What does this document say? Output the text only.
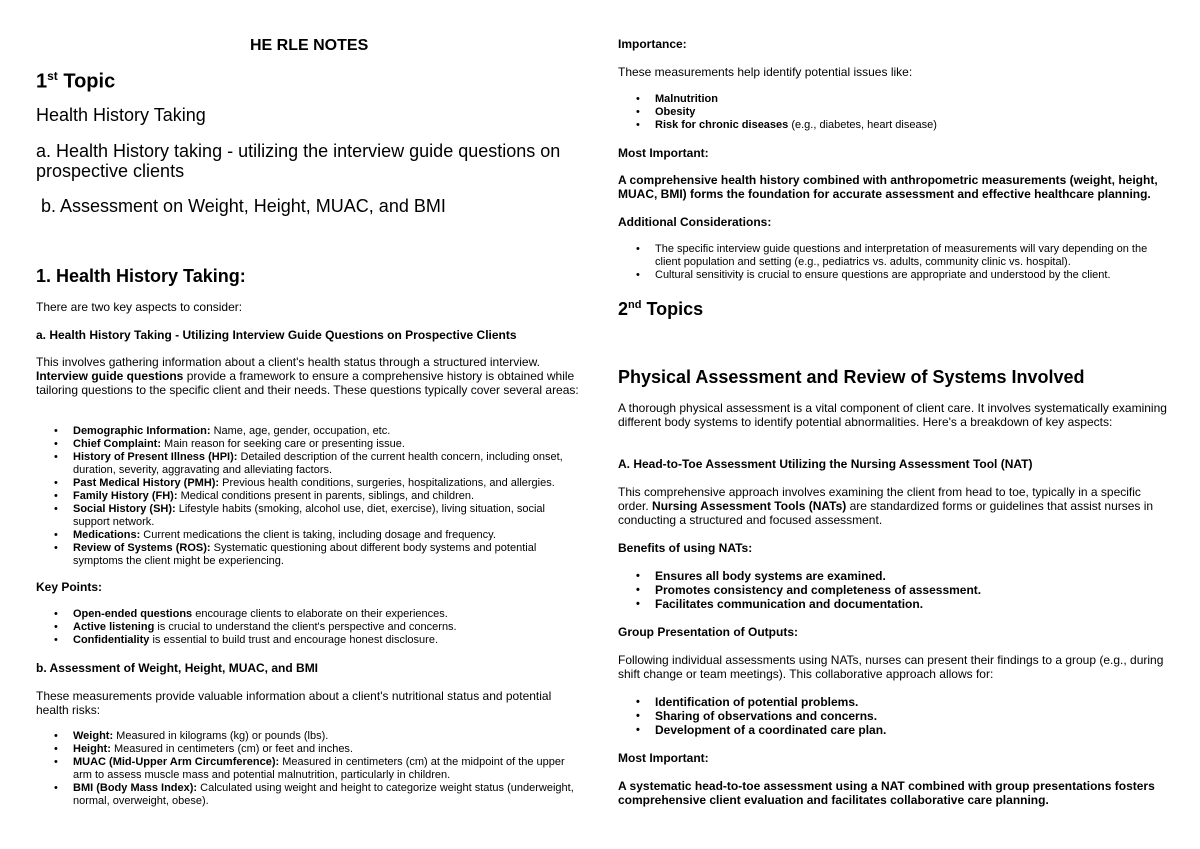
HE RLE NOTES

1st Topic

Health History Taking

a. Health History taking - utilizing the interview guide questions on prospective clients

b. Assessment on Weight, Height, MUAC, and BMI

1. Health History Taking:

There are two key aspects to consider:

a. Health History Taking - Utilizing Interview Guide Questions on Prospective Clients

This involves gathering information about a client's health status through a structured interview.
Interview guide questions provide a framework to ensure a comprehensive history is obtained while tailoring questions to the specific client and their needs. These questions typically cover several areas:

• Demographic Information: Name, age, gender, occupation, etc.
• Chief Complaint: Main reason for seeking care or presenting issue.
• History of Present Illness (HPI): Detailed description of the current health concern, including onset, duration, severity, aggravating and alleviating factors.
• Past Medical History (PMH): Previous health conditions, surgeries, hospitalizations, and allergies.
• Family History (FH): Medical conditions present in parents, siblings, and children.
• Social History (SH): Lifestyle habits (smoking, alcohol use, diet, exercise), living situation, social support network.
• Medications: Current medications the client is taking, including dosage and frequency.
• Review of Systems (ROS): Systematic questioning about different body systems and potential symptoms the client might be experiencing.

Key Points:

• Open-ended questions encourage clients to elaborate on their experiences.
• Active listening is crucial to understand the client's perspective and concerns.
• Confidentiality is essential to build trust and encourage honest disclosure.

b. Assessment of Weight, Height, MUAC, and BMI

These measurements provide valuable information about a client's nutritional status and potential health risks:

• Weight: Measured in kilograms (kg) or pounds (lbs).
• Height: Measured in centimeters (cm) or feet and inches.
• MUAC (Mid-Upper Arm Circumference): Measured in centimeters (cm) at the midpoint of the upper arm to assess muscle mass and potential malnutrition, particularly in children.
• BMI (Body Mass Index): Calculated using weight and height to categorize weight status (underweight, normal, overweight, obese).

Importance:

These measurements help identify potential issues like:

• Malnutrition
• Obesity
• Risk for chronic diseases (e.g., diabetes, heart disease)

Most Important:

A comprehensive health history combined with anthropometric measurements (weight, height, MUAC, BMI) forms the foundation for accurate assessment and effective healthcare planning.

Additional Considerations:

• The specific interview guide questions and interpretation of measurements will vary depending on the client population and setting (e.g., pediatrics vs. adults, community clinic vs. hospital).
• Cultural sensitivity is crucial to ensure questions are appropriate and understood by the client.

2nd Topics

Physical Assessment and Review of Systems Involved

A thorough physical assessment is a vital component of client care. It involves systematically examining different body systems to identify potential abnormalities. Here's a breakdown of key aspects:

A. Head-to-Toe Assessment Utilizing the Nursing Assessment Tool (NAT)

This comprehensive approach involves examining the client from head to toe, typically in a specific order. Nursing Assessment Tools (NATs) are standardized forms or guidelines that assist nurses in conducting a structured and focused assessment.

Benefits of using NATs:

• Ensures all body systems are examined.
• Promotes consistency and completeness of assessment.
• Facilitates communication and documentation.

Group Presentation of Outputs:

Following individual assessments using NATs, nurses can present their findings to a group (e.g., during shift change or team meetings). This collaborative approach allows for:

• Identification of potential problems.
• Sharing of observations and concerns.
• Development of a coordinated care plan.

Most Important:

A systematic head-to-toe assessment using a NAT combined with group presentations fosters comprehensive client evaluation and facilitates collaborative care planning.
